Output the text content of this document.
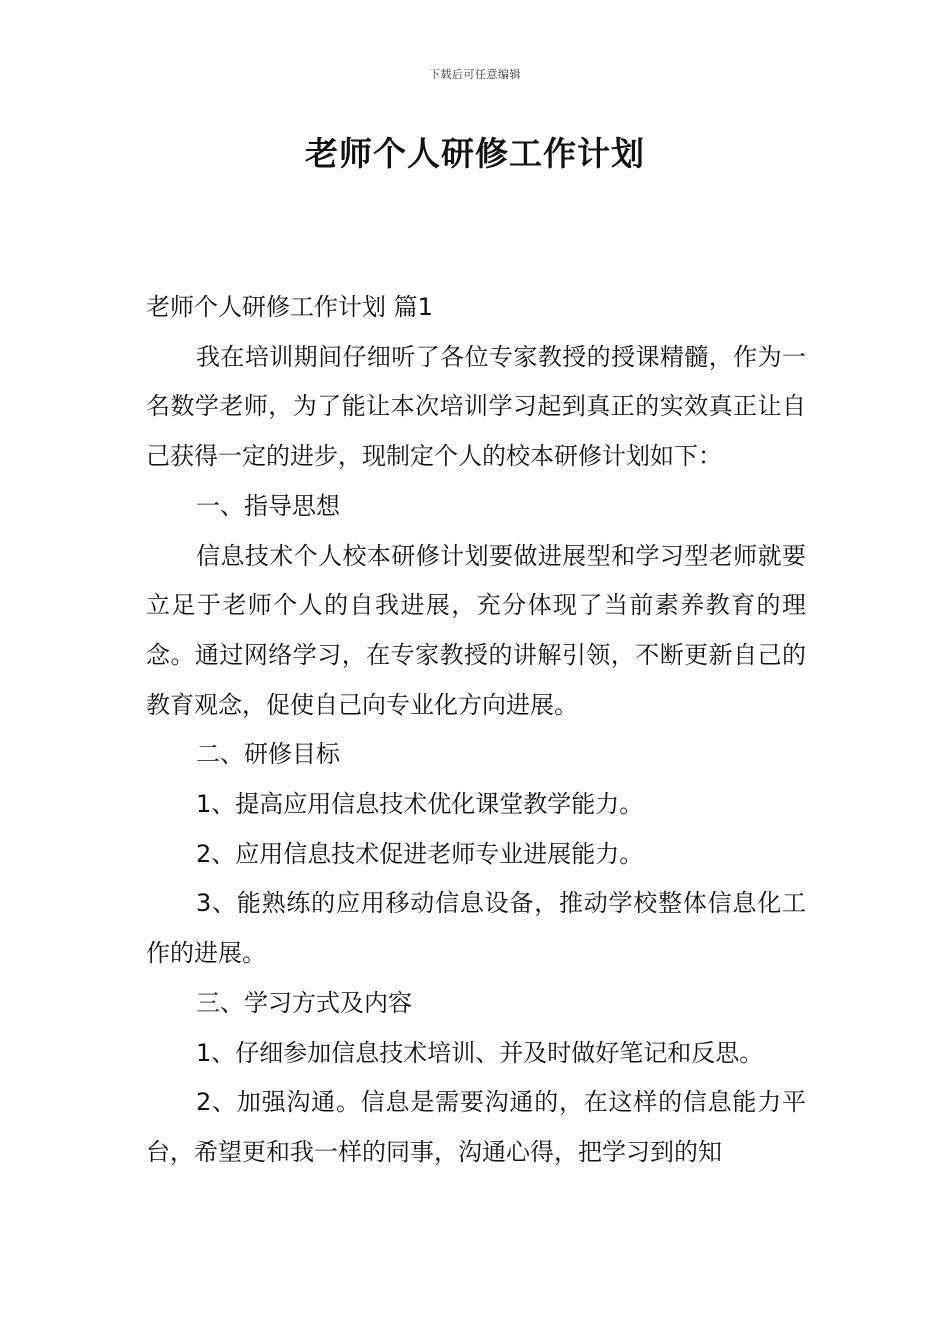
下载后可任意编辑
老师个人研修工作计划

老师个人研修工作计划 篇1

我在培训期间仔细听了各位专家教授的授课精髓，作为一名数学老师，为了能让本次培训学习起到真正的实效真正让自己获得一定的进步，现制定个人的校本研修计划如下：

一、指导思想

信息技术个人校本研修计划要做进展型和学习型老师就要立足于老师个人的自我进展，充分体现了当前素养教育的理念。通过网络学习，在专家教授的讲解引领，不断更新自己的教育观念，促使自己向专业化方向进展。

二、研修目标

1、提高应用信息技术优化课堂教学能力。

2、应用信息技术促进老师专业进展能力。

3、能熟练的应用移动信息设备，推动学校整体信息化工作的进展。

三、学习方式及内容

1、仔细参加信息技术培训、并及时做好笔记和反思。

2、加强沟通。信息是需要沟通的，在这样的信息能力平台，希望更和我一样的同事，沟通心得，把学习到的知
